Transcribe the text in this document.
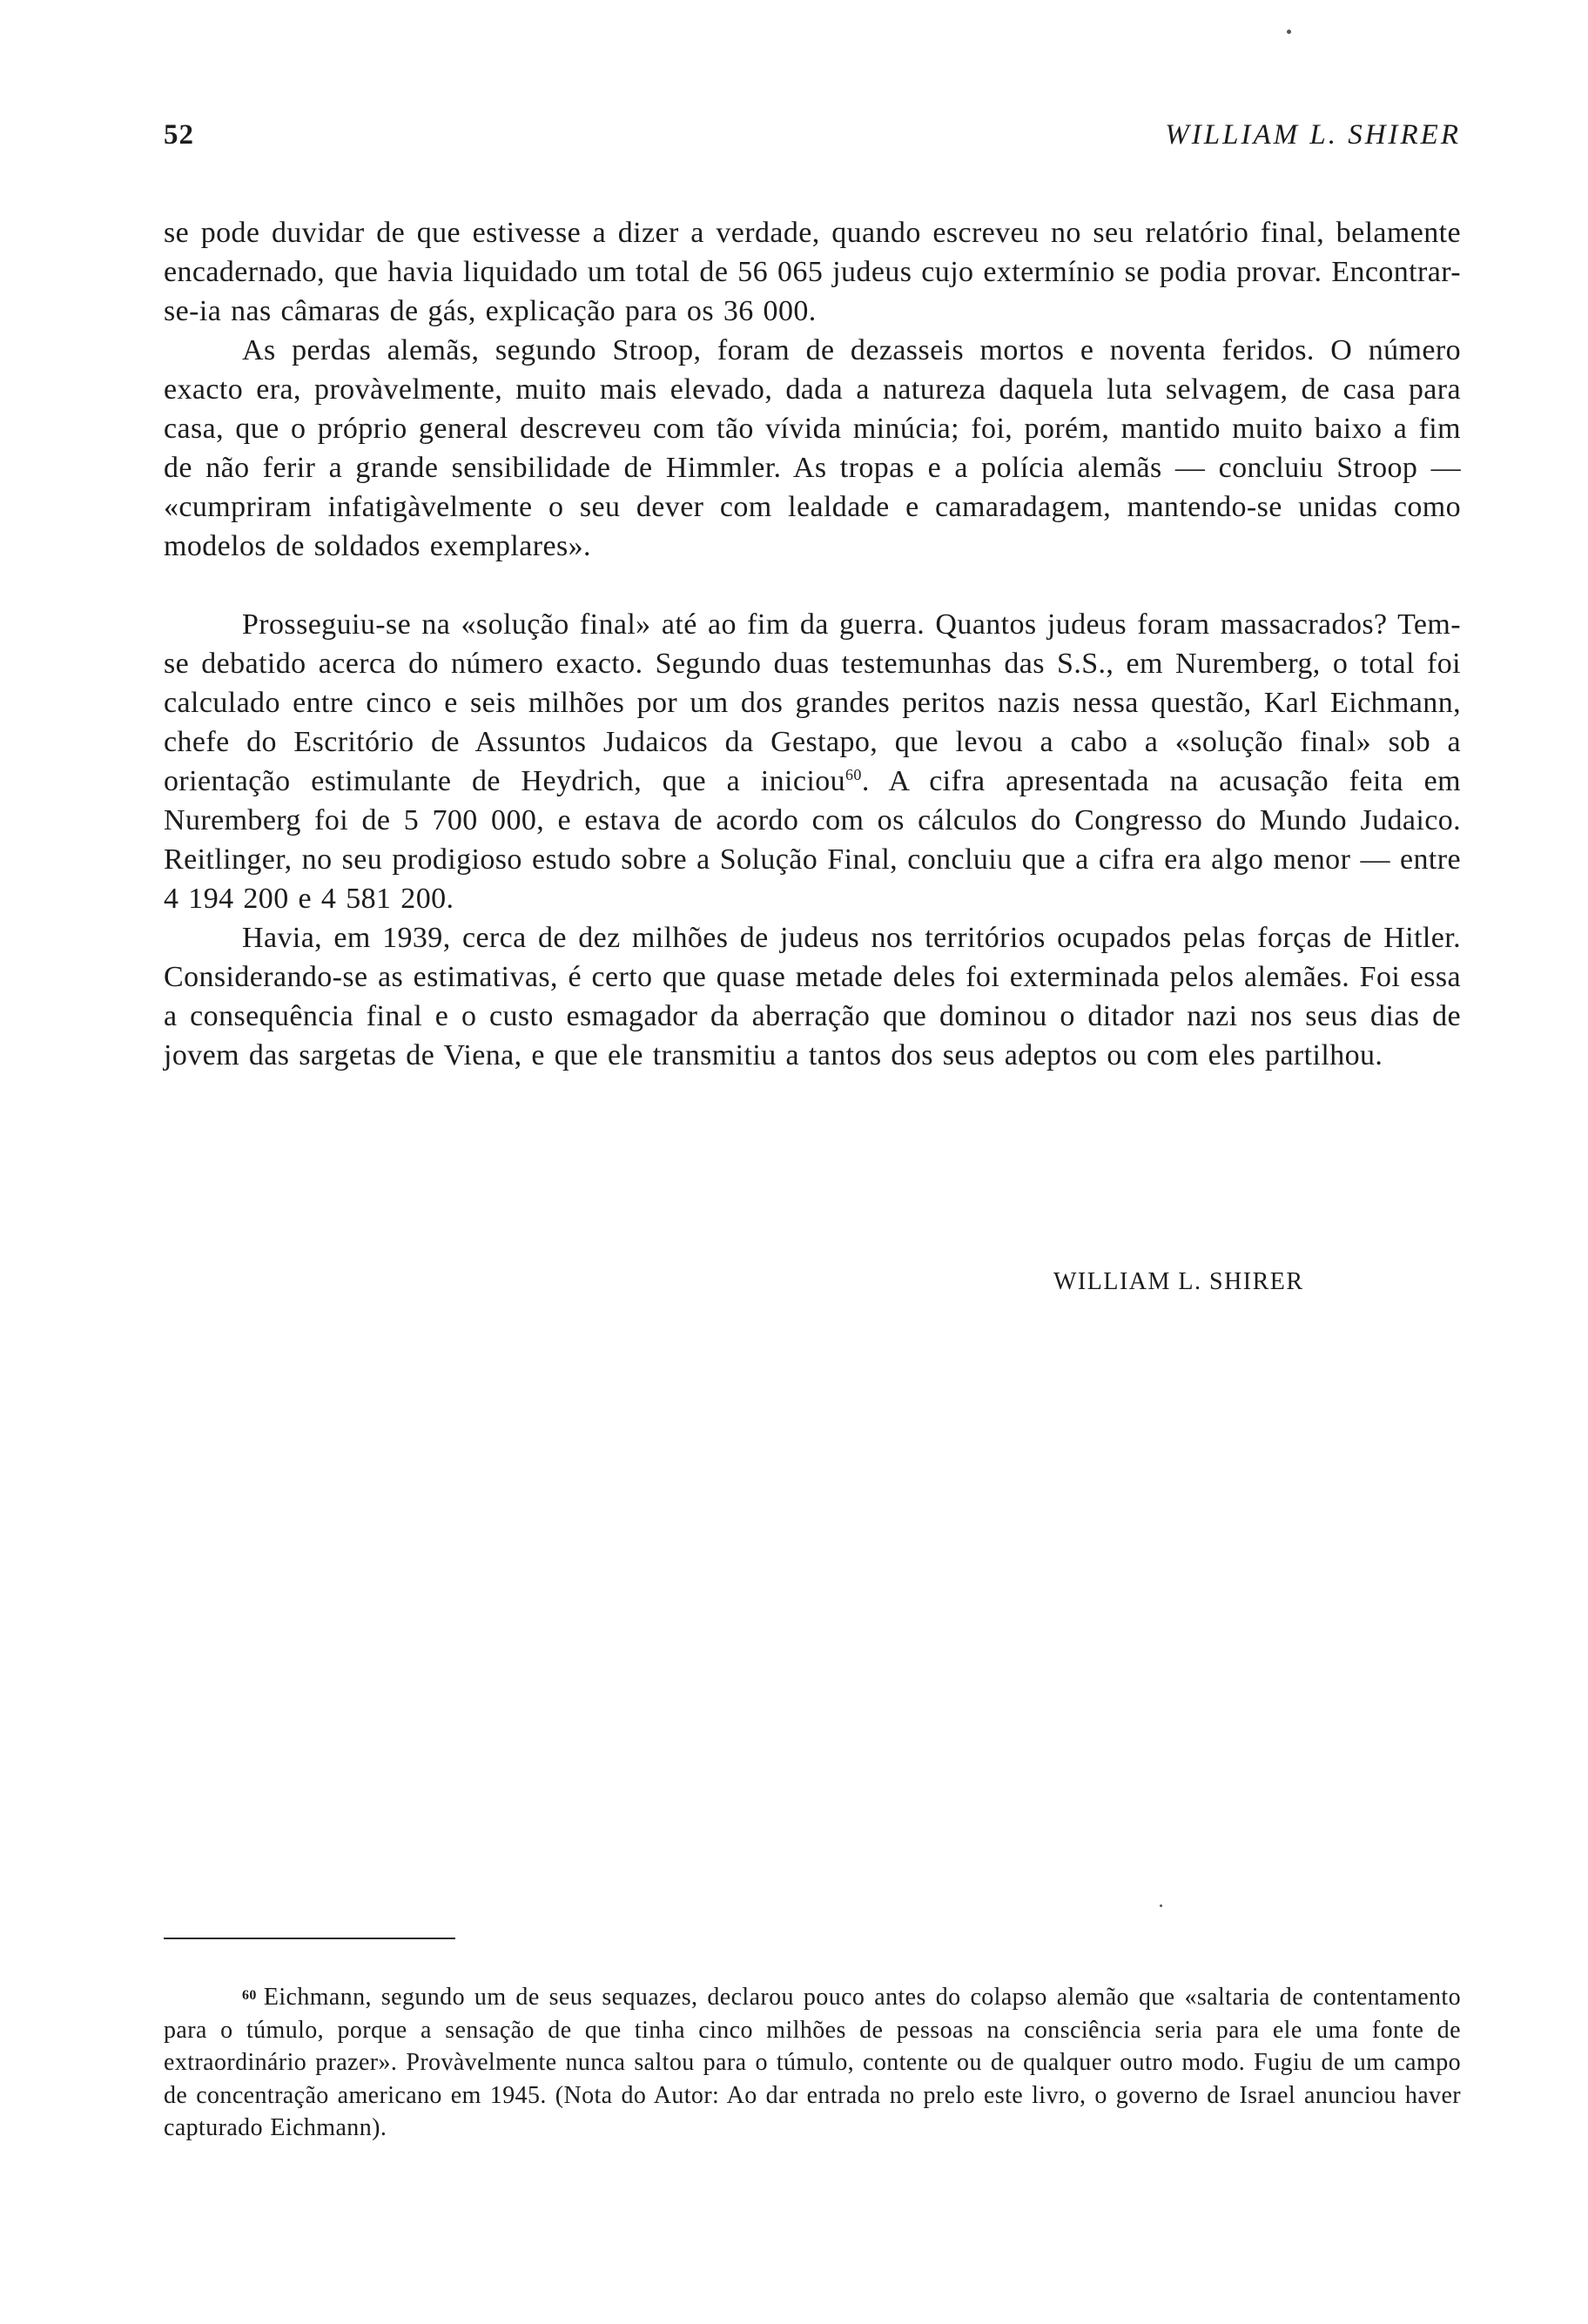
52	WILLIAM L. SHIRER

se pode duvidar de que estivesse a dizer a verdade, quando escreveu no seu relatório final, belamente encadernado, que havia liquidado um total de 56 065 judeus cujo extermínio se podia provar. Encontrar-se-ia nas câmaras de gás, explicação para os 36 000.

As perdas alemãs, segundo Stroop, foram de dezasseis mortos e noventa feridos. O número exacto era, provàvelmente, muito mais elevado, dada a natureza daquela luta selvagem, de casa para casa, que o próprio general descreveu com tão vívida minúcia; foi, porém, mantido muito baixo a fim de não ferir a grande sensibilidade de Himmler. As tropas e a polícia alemãs — concluiu Stroop — «cumpriram infatigàvelmente o seu dever com lealdade e camaradagem, mantendo-se unidas como modelos de soldados exemplares».

Prosseguiu-se na «solução final» até ao fim da guerra. Quantos judeus foram massacrados? Tem-se debatido acerca do número exacto. Segundo duas testemunhas das S.S., em Nuremberg, o total foi calculado entre cinco e seis milhões por um dos grandes peritos nazis nessa questão, Karl Eichmann, chefe do Escritório de Assuntos Judaicos da Gestapo, que levou a cabo a «solução final» sob a orientação estimulante de Heydrich, que a iniciou$^{60}$. A cifra apresentada na acusação feita em Nuremberg foi de 5 700 000, e estava de acordo com os cálculos do Congresso do Mundo Judaico. Reitlinger, no seu prodigioso estudo sobre a Solução Final, concluiu que a cifra era algo menor — entre 4 194 200 e 4 581 200.

Havia, em 1939, cerca de dez milhões de judeus nos territórios ocupados pelas forças de Hitler. Considerando-se as estimativas, é certo que quase metade deles foi exterminada pelos alemães. Foi essa a consequência final e o custo esmagador da aberração que dominou o ditador nazi nos seus dias de jovem das sargetas de Viena, e que ele transmitiu a tantos dos seus adeptos ou com eles partilhou.

WILLIAM L. SHIRER

$^{60}$ Eichmann, segundo um de seus sequazes, declarou pouco antes do colapso alemão que «saltaria de contentamento para o túmulo, porque a sensação de que tinha cinco milhões de pessoas na consciência seria para ele uma fonte de extraordinário prazer». Provàvelmente nunca saltou para o túmulo, contente ou de qualquer outro modo. Fugiu de um campo de concentração americano em 1945. (Nota do Autor: Ao dar entrada no prelo este livro, o governo de Israel anunciou haver capturado Eichmann).
